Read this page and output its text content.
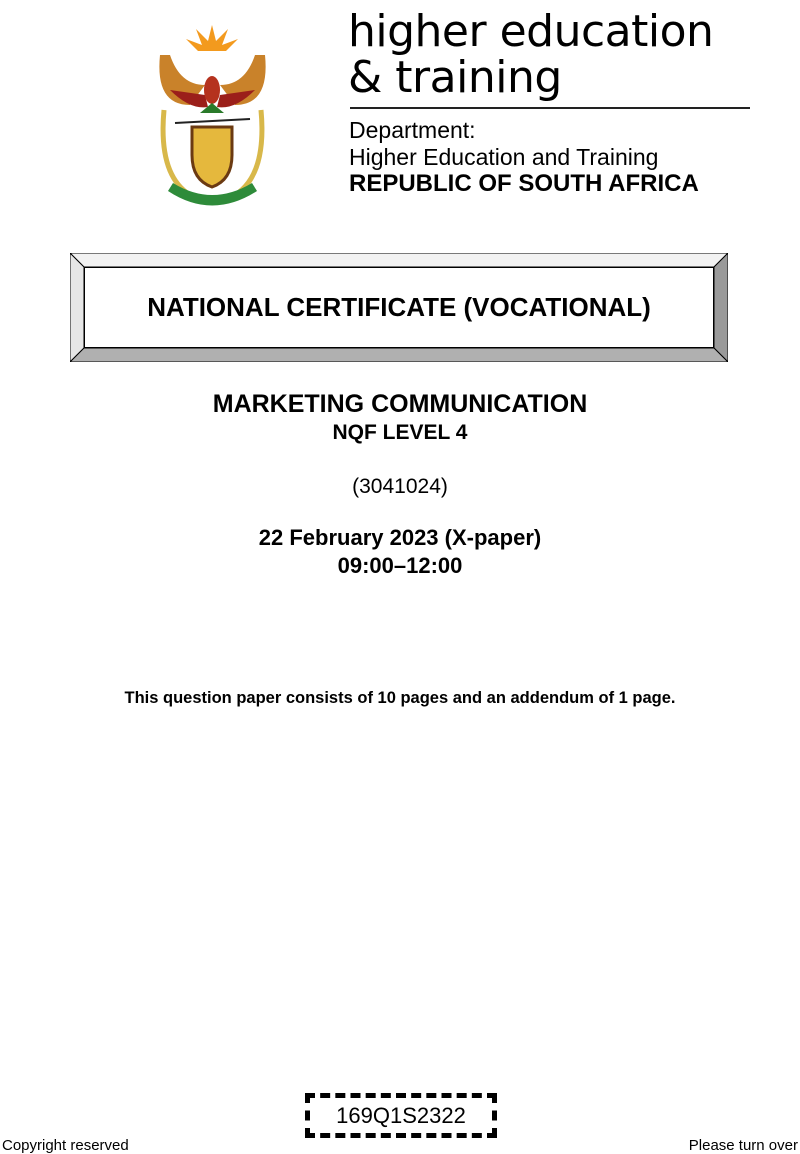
higher education
& training
Department:
Higher Education and Training
REPUBLIC OF SOUTH AFRICA
NATIONAL CERTIFICATE (VOCATIONAL)
MARKETING COMMUNICATION
NQF LEVEL 4
(3041024)
22 February 2023 (X-paper)
09:00–12:00
This question paper consists of 10 pages and an addendum of 1 page.
169Q1S2322
Copyright reserved	Please turn over
